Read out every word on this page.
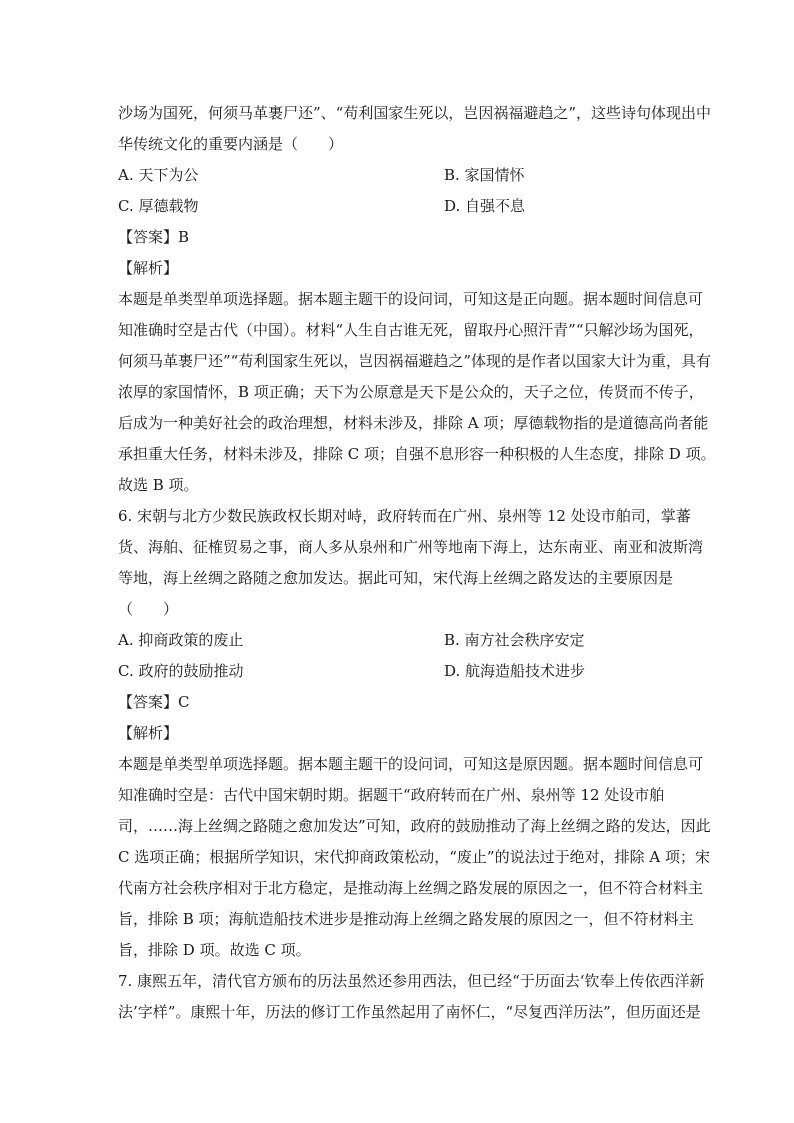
沙场为国死，何须马革裹尸还”、“苟利国家生死以，岂因祸福避趋之”，这些诗句体现出中
华传统文化的重要内涵是（　　）
A. 天下为公	B. 家国情怀
C. 厚德载物	D. 自强不息
【答案】B
【解析】
本题是单类型单项选择题。据本题主题干的设问词，可知这是正向题。据本题时间信息可
知准确时空是古代（中国）。材料“人生自古谁无死，留取丹心照汗青”“只解沙场为国死，
何须马革裹尸还”“苟利国家生死以，岂因祸福避趋之”体现的是作者以国家大计为重，具有
浓厚的家国情怀，B 项正确；天下为公原意是天下是公众的，天子之位，传贤而不传子，
后成为一种美好社会的政治理想，材料未涉及，排除 A 项；厚德载物指的是道德高尚者能
承担重大任务，材料未涉及，排除 C 项；自强不息形容一种积极的人生态度，排除 D 项。
故选 B 项。
6. 宋朝与北方少数民族政权长期对峙，政府转而在广州、泉州等 12 处设市舶司，掌蕃
货、海舶、征榷贸易之事，商人多从泉州和广州等地南下海上，达东南亚、南亚和波斯湾
等地，海上丝绸之路随之愈加发达。据此可知，宋代海上丝绸之路发达的主要原因是
（　　）
A. 抑商政策的废止	B. 南方社会秩序安定
C. 政府的鼓励推动	D. 航海造船技术进步
【答案】C
【解析】
本题是单类型单项选择题。据本题主题干的设问词，可知这是原因题。据本题时间信息可
知准确时空是：古代中国宋朝时期。据题干“政府转而在广州、泉州等 12 处设市舶
司，……海上丝绸之路随之愈加发达”可知，政府的鼓励推动了海上丝绸之路的发达，因此
C 选项正确；根据所学知识，宋代抑商政策松动，“废止”的说法过于绝对，排除 A 项；宋
代南方社会秩序相对于北方稳定，是推动海上丝绸之路发展的原因之一，但不符合材料主
旨，排除 B 项；海航造船技术进步是推动海上丝绸之路发展的原因之一，但不符材料主
旨，排除 D 项。故选 C 项。
7. 康熙五年，清代官方颁布的历法虽然还参用西法，但已经“于历面去‘钦奉上传依西洋新
法’字样”。康熙十年，历法的修订工作虽然起用了南怀仁，“尽复西洋历法”，但历面还是
